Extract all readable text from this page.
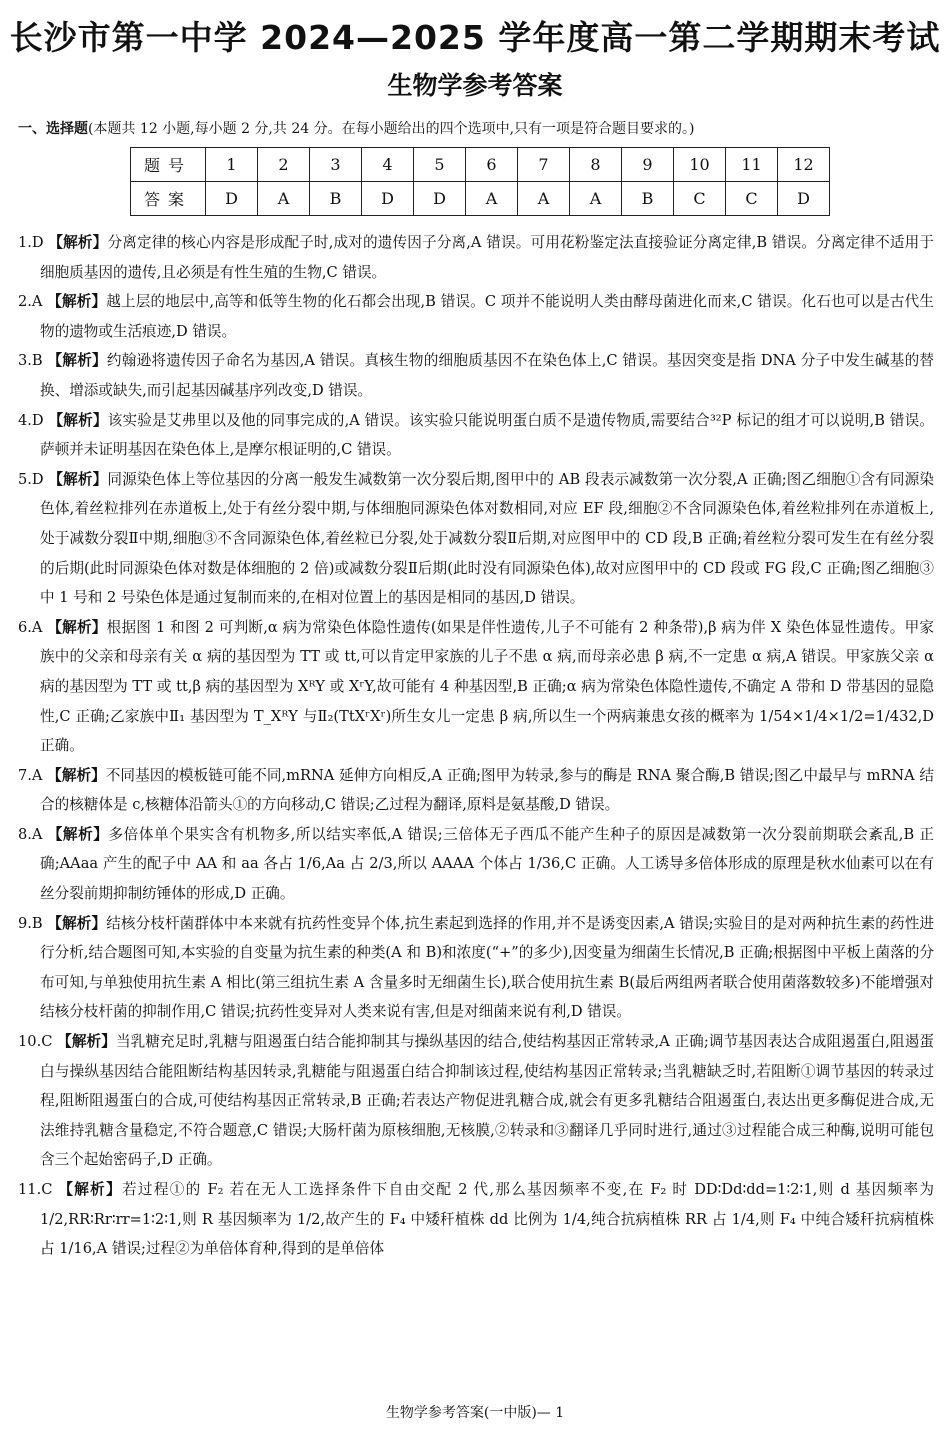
长沙市第一中学 2024—2025 学年度高一第二学期期末考试
生物学参考答案
一、选择题(本题共 12 小题,每小题 2 分,共 24 分。在每小题给出的四个选项中,只有一项是符合题目要求的。)
题号	1	2	3	4	5	6	7	8	9	10	11	12
答案	D	A	B	D	D	A	A	A	B	C	C	D

1.D 【解析】分离定律的核心内容是形成配子时,成对的遗传因子分离,A 错误。可用花粉鉴定法直接验证分离定律,B 错误。分离定律不适用于细胞质基因的遗传,且必须是有性生殖的生物,C 错误。

2.A 【解析】越上层的地层中,高等和低等生物的化石都会出现,B 错误。C 项并不能说明人类由酵母菌进化而来,C 错误。化石也可以是古代生物的遗物或生活痕迹,D 错误。

3.B 【解析】约翰逊将遗传因子命名为基因,A 错误。真核生物的细胞质基因不在染色体上,C 错误。基因突变是指 DNA 分子中发生碱基的替换、增添或缺失,而引起基因碱基序列改变,D 错误。

4.D 【解析】该实验是艾弗里以及他的同事完成的,A 错误。该实验只能说明蛋白质不是遗传物质,需要结合³²P 标记的组才可以说明,B 错误。萨顿并未证明基因在染色体上,是摩尔根证明的,C 错误。

5.D 【解析】同源染色体上等位基因的分离一般发生减数第一次分裂后期,图甲中的 AB 段表示减数第一次分裂,A 正确;图乙细胞①含有同源染色体,着丝粒排列在赤道板上,处于有丝分裂中期,与体细胞同源染色体对数相同,对应 EF 段,细胞②不含同源染色体,着丝粒排列在赤道板上,处于减数分裂Ⅱ中期,细胞③不含同源染色体,着丝粒已分裂,处于减数分裂Ⅱ后期,对应图甲中的 CD 段,B 正确;着丝粒分裂可发生在有丝分裂的后期(此时同源染色体对数是体细胞的 2 倍)或减数分裂Ⅱ后期(此时没有同源染色体),故对应图甲中的 CD 段或 FG 段,C 正确;图乙细胞③中 1 号和 2 号染色体是通过复制而来的,在相对位置上的基因是相同的基因,D 错误。

6.A 【解析】根据图 1 和图 2 可判断,α 病为常染色体隐性遗传(如果是伴性遗传,儿子不可能有 2 种条带),β 病为伴 X 染色体显性遗传。甲家族中的父亲和母亲有关 α 病的基因型为 TT 或 tt,可以肯定甲家族的儿子不患 α 病,而母亲必患 β 病,不一定患 α 病,A 错误。甲家族父亲 α 病的基因型为 TT 或 tt,β 病的基因型为 XᴿY 或 XʳY,故可能有 4 种基因型,B 正确;α 病为常染色体隐性遗传,不确定 A 带和 D 带基因的显隐性,C 正确;乙家族中Ⅱ₁ 基因型为 T_XᴿY 与Ⅱ₂(TtXʳXʳ)所生女儿一定患 β 病,所以生一个两病兼患女孩的概率为 1/54×1/4×1/2=1/432,D 正确。

7.A 【解析】不同基因的模板链可能不同,mRNA 延伸方向相反,A 正确;图甲为转录,参与的酶是 RNA 聚合酶,B 错误;图乙中最早与 mRNA 结合的核糖体是 c,核糖体沿箭头①的方向移动,C 错误;乙过程为翻译,原料是氨基酸,D 错误。

8.A 【解析】多倍体单个果实含有机物多,所以结实率低,A 错误;三倍体无子西瓜不能产生种子的原因是减数第一次分裂前期联会紊乱,B 正确;AAaa 产生的配子中 AA 和 aa 各占 1/6,Aa 占 2/3,所以 AAAA 个体占 1/36,C 正确。人工诱导多倍体形成的原理是秋水仙素可以在有丝分裂前期抑制纺锤体的形成,D 正确。

9.B 【解析】结核分枝杆菌群体中本来就有抗药性变异个体,抗生素起到选择的作用,并不是诱变因素,A 错误;实验目的是对两种抗生素的药性进行分析,结合题图可知,本实验的自变量为抗生素的种类(A 和 B)和浓度(“+”的多少),因变量为细菌生长情况,B 正确;根据图中平板上菌落的分布可知,与单独使用抗生素 A 相比(第三组抗生素 A 含量多时无细菌生长),联合使用抗生素 B(最后两组两者联合使用菌落数较多)不能增强对结核分枝杆菌的抑制作用,C 错误;抗药性变异对人类来说有害,但是对细菌来说有利,D 错误。

10.C 【解析】当乳糖充足时,乳糖与阻遏蛋白结合能抑制其与操纵基因的结合,使结构基因正常转录,A 正确;调节基因表达合成阻遏蛋白,阻遏蛋白与操纵基因结合能阻断结构基因转录,乳糖能与阻遏蛋白结合抑制该过程,使结构基因正常转录;当乳糖缺乏时,若阻断①调节基因的转录过程,阻断阻遏蛋白的合成,可使结构基因正常转录,B 正确;若表达产物促进乳糖合成,就会有更多乳糖结合阻遏蛋白,表达出更多酶促进合成,无法维持乳糖含量稳定,不符合题意,C 错误;大肠杆菌为原核细胞,无核膜,②转录和③翻译几乎同时进行,通过③过程能合成三种酶,说明可能包含三个起始密码子,D 正确。

11.C 【解析】若过程①的 F₂ 若在无人工选择条件下自由交配 2 代,那么基因频率不变,在 F₂ 时 DD∶Dd∶dd=1∶2∶1,则 d 基因频率为 1/2,RR∶Rr∶rr=1∶2∶1,则 R 基因频率为 1/2,故产生的 F₄ 中矮秆植株 dd 比例为 1/4,纯合抗病植株 RR 占 1/4,则 F₄ 中纯合矮秆抗病植株占 1/16,A 错误;过程②为单倍体育种,得到的是单倍体

生物学参考答案(一中版)— 1
